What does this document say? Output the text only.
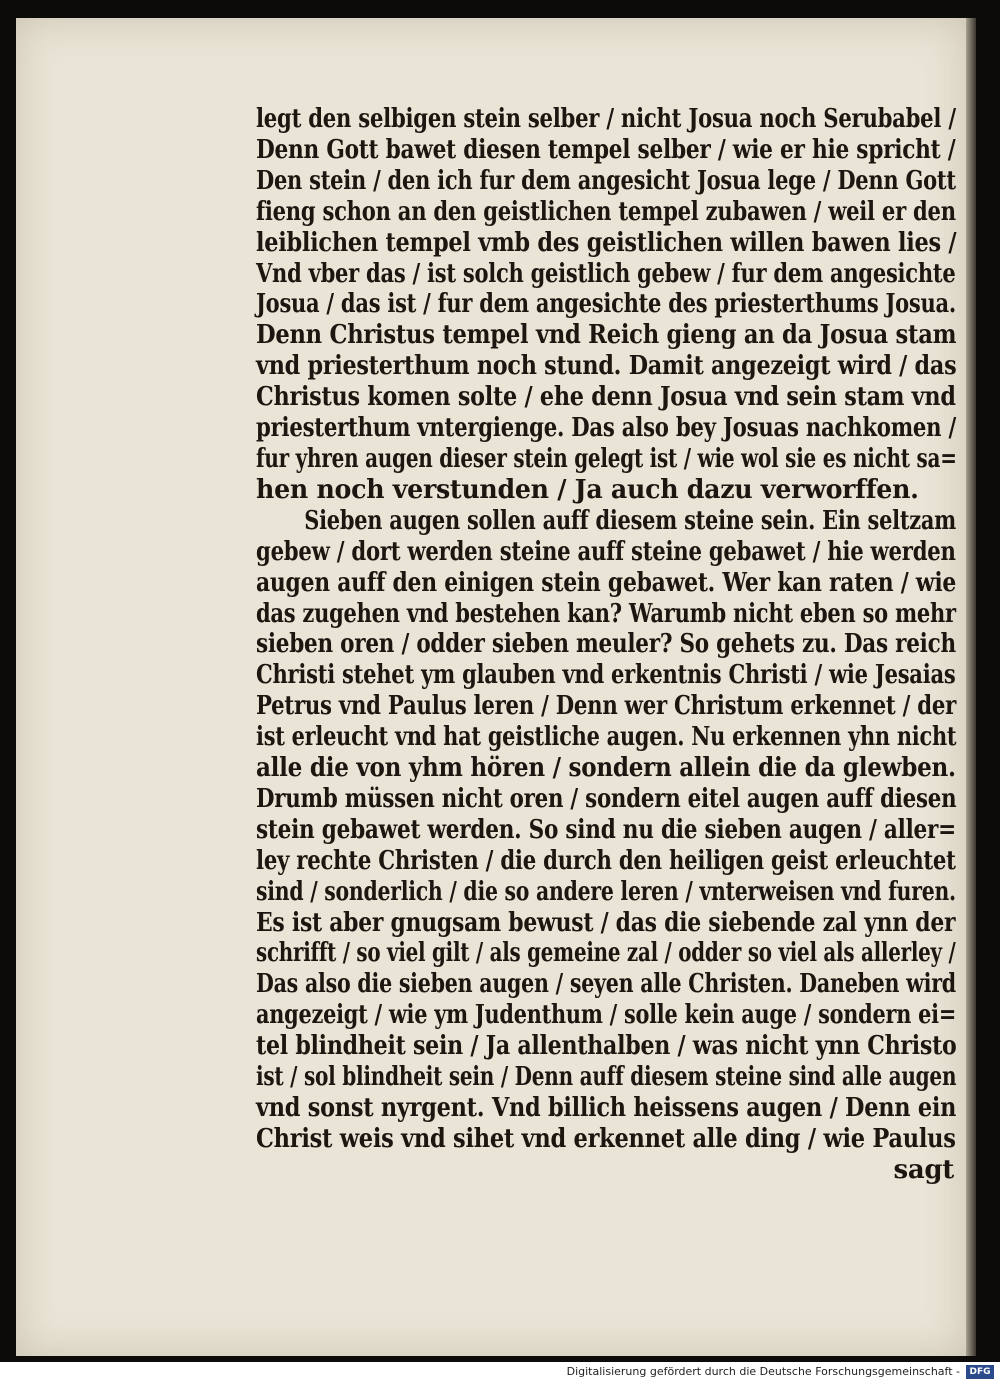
legt den selbigen stein selber / nicht Josua noch Serubabel /
Denn Gott bawet diesen tempel selber / wie er hie spricht /
Den stein / den ich fur dem angesicht Josua lege / Denn Gott
fieng schon an den geistlichen tempel zubawen / weil er den
leiblichen tempel vmb des geistlichen willen bawen lies /
Vnd vber das / ist solch geistlich gebew / fur dem angesichte
Josua / das ist / fur dem angesichte des priesterthums Josua.
Denn Christus tempel vnd Reich gieng an da Josua stam
vnd priesterthum noch stund. Damit angezeigt wird / das
Christus komen solte / ehe denn Josua vnd sein stam vnd
priesterthum vntergienge. Das also bey Josuas nachkomen /
fur yhren augen dieser stein gelegt ist / wie wol sie es nicht sa=
hen noch verstunden / Ja auch dazu verworffen.
Sieben augen sollen auff diesem steine sein. Ein seltzam
gebew / dort werden steine auff steine gebawet / hie werden
augen auff den einigen stein gebawet. Wer kan raten / wie
das zugehen vnd bestehen kan? Warumb nicht eben so mehr
sieben oren / odder sieben meuler? So gehets zu. Das reich
Christi stehet ym glauben vnd erkentnis Christi / wie Jesaias
Petrus vnd Paulus leren / Denn wer Christum erkennet / der
ist erleucht vnd hat geistliche augen. Nu erkennen yhn nicht
alle die von yhm hören / sondern allein die da glewben.
Drumb müssen nicht oren / sondern eitel augen auff diesen
stein gebawet werden. So sind nu die sieben augen / aller=
ley rechte Christen / die durch den heiligen geist erleuchtet
sind / sonderlich / die so andere leren / vnterweisen vnd furen.
Es ist aber gnugsam bewust / das die siebende zal ynn der
schrifft / so viel gilt / als gemeine zal / odder so viel als allerley /
Das also die sieben augen / seyen alle Christen. Daneben wird
angezeigt / wie ym Judenthum / solle kein auge / sondern ei=
tel blindheit sein / Ja allenthalben / was nicht ynn Christo
ist / sol blindheit sein / Denn auff diesem steine sind alle augen
vnd sonst nyrgent. Vnd billich heissens augen / Denn ein
Christ weis vnd sihet vnd erkennet alle ding / wie Paulus
sagt
Digitalisierung gefördert durch die Deutsche Forschungsgemeinschaft -	DFG
